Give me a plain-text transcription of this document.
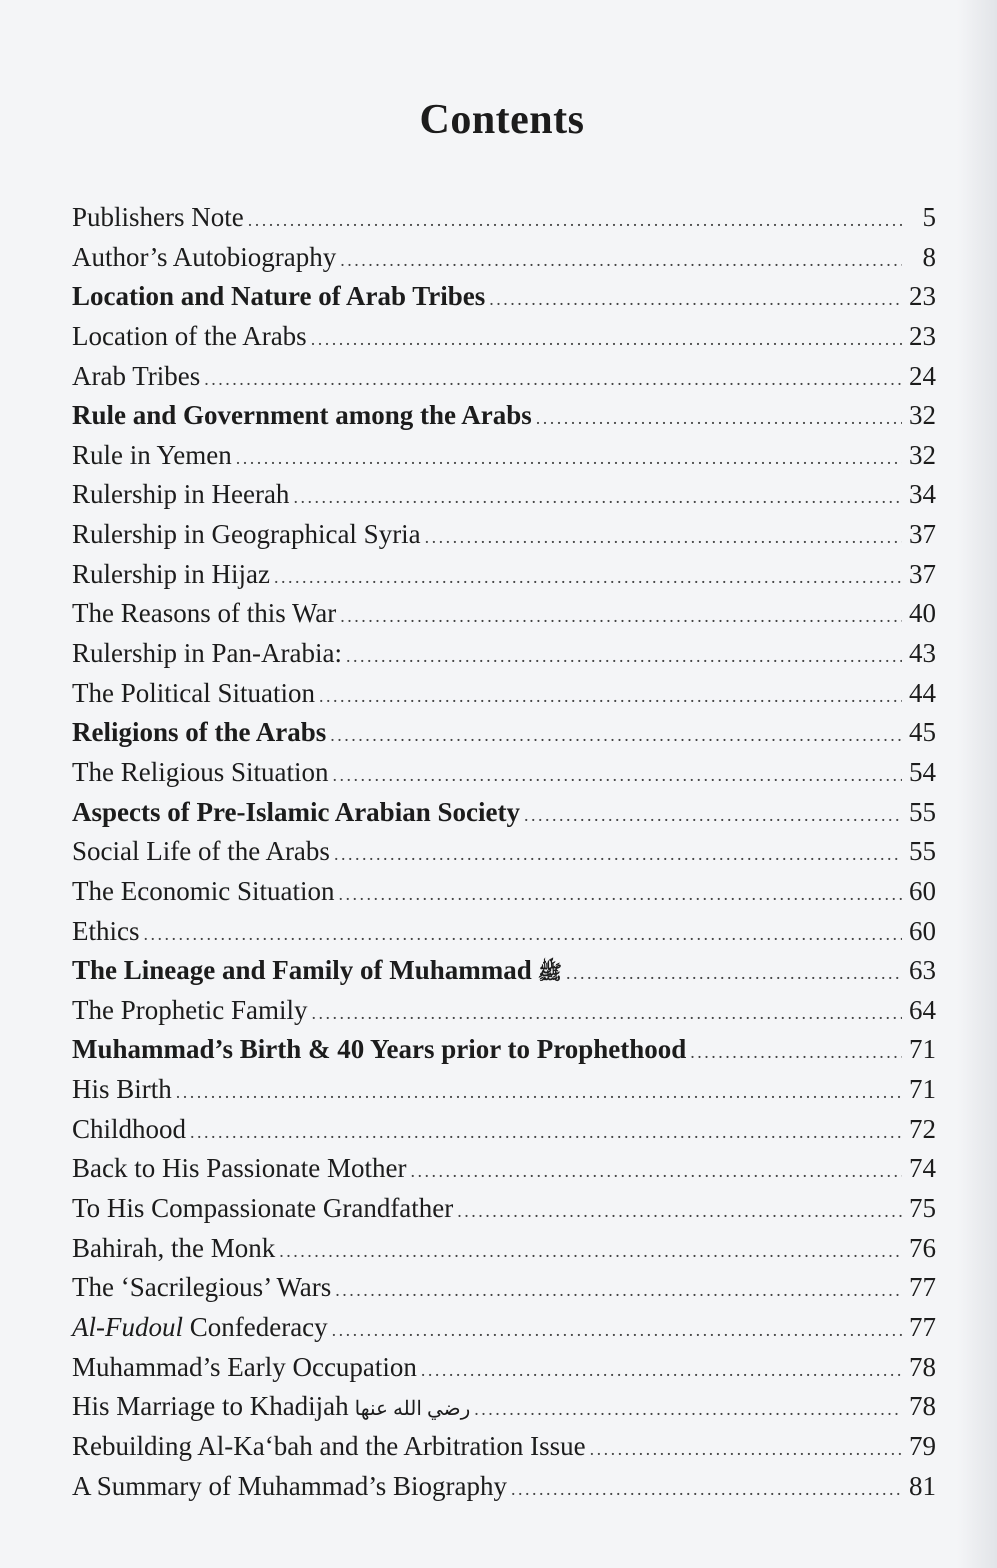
Contents
Publishers Note . . .	5
Author’s Autobiography . . .	8
Location and Nature of Arab Tribes . . .	23
Location of the Arabs . . .	23
Arab Tribes . . .	24
Rule and Government among the Arabs . . .	32
Rule in Yemen . . .	32
Rulership in Heerah . . .	34
Rulership in Geographical Syria . . .	37
Rulership in Hijaz . . .	37
The Reasons of this War . . .	40
Rulership in Pan-Arabia: . . .	43
The Political Situation . . .	44
Religions of the Arabs . . .	45
The Religious Situation . . .	54
Aspects of Pre-Islamic Arabian Society . . .	55
Social Life of the Arabs . . .	55
The Economic Situation . . .	60
Ethics . . .	60
The Lineage and Family of Muhammad ﷺ . . .	63
The Prophetic Family . . .	64
Muhammad’s Birth & 40 Years prior to Prophethood . . .	71
His Birth . . .	71
Childhood . . .	72
Back to His Passionate Mother . . .	74
To His Compassionate Grandfather . . .	75
Bahirah, the Monk . . .	76
The ‘Sacrilegious’ Wars . . .	77
Al-Fudoul Confederacy . . .	77
Muhammad’s Early Occupation . . .	78
His Marriage to Khadijah رضي الله عنها . . .	78
Rebuilding Al-Ka‘bah and the Arbitration Issue . . .	79
A Summary of Muhammad’s Biography . . .	81
